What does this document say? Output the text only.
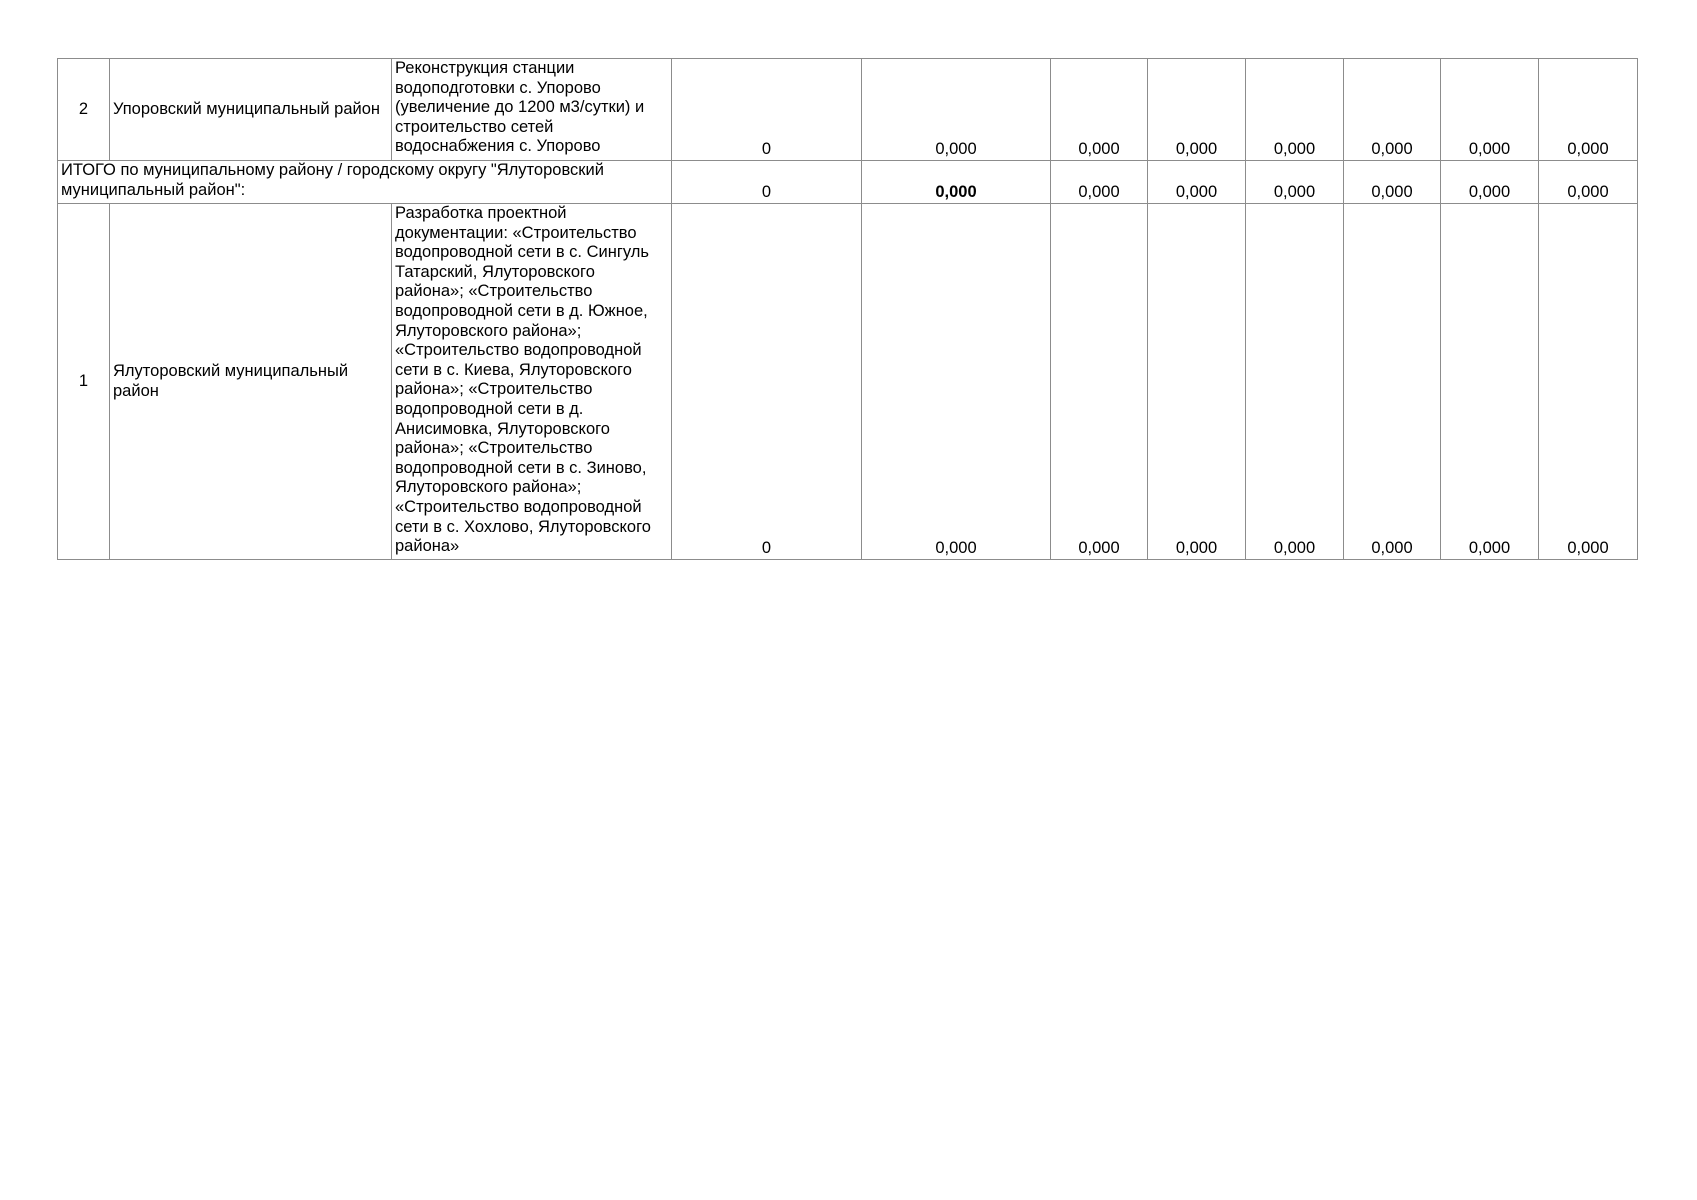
2	Упоровский муниципальный район	Реконструкция станции водоподготовки с. Упорово (увеличение до 1200 м3/сутки) и строительство сетей водоснабжения с. Упорово	0	0,000	0,000	0,000	0,000	0,000	0,000	0,000
ИТОГО по муниципальному району / городскому округу "Ялуторовский муниципальный район":			0	0,000	0,000	0,000	0,000	0,000	0,000	0,000
1	Ялуторовский муниципальный район	Разработка проектной документации: «Строительство водопроводной сети в с. Сингуль Татарский, Ялуторовского района»; «Строительство водопроводной сети в д. Южное, Ялуторовского района»; «Строительство водопроводной сети в с. Киева, Ялуторовского района»; «Строительство водопроводной сети в д. Анисимовка, Ялуторовского района»; «Строительство водопроводной сети в с. Зиново, Ялуторовского района»; «Строительство водопроводной сети в с. Хохлово, Ялуторовского района»	0	0,000	0,000	0,000	0,000	0,000	0,000	0,000
